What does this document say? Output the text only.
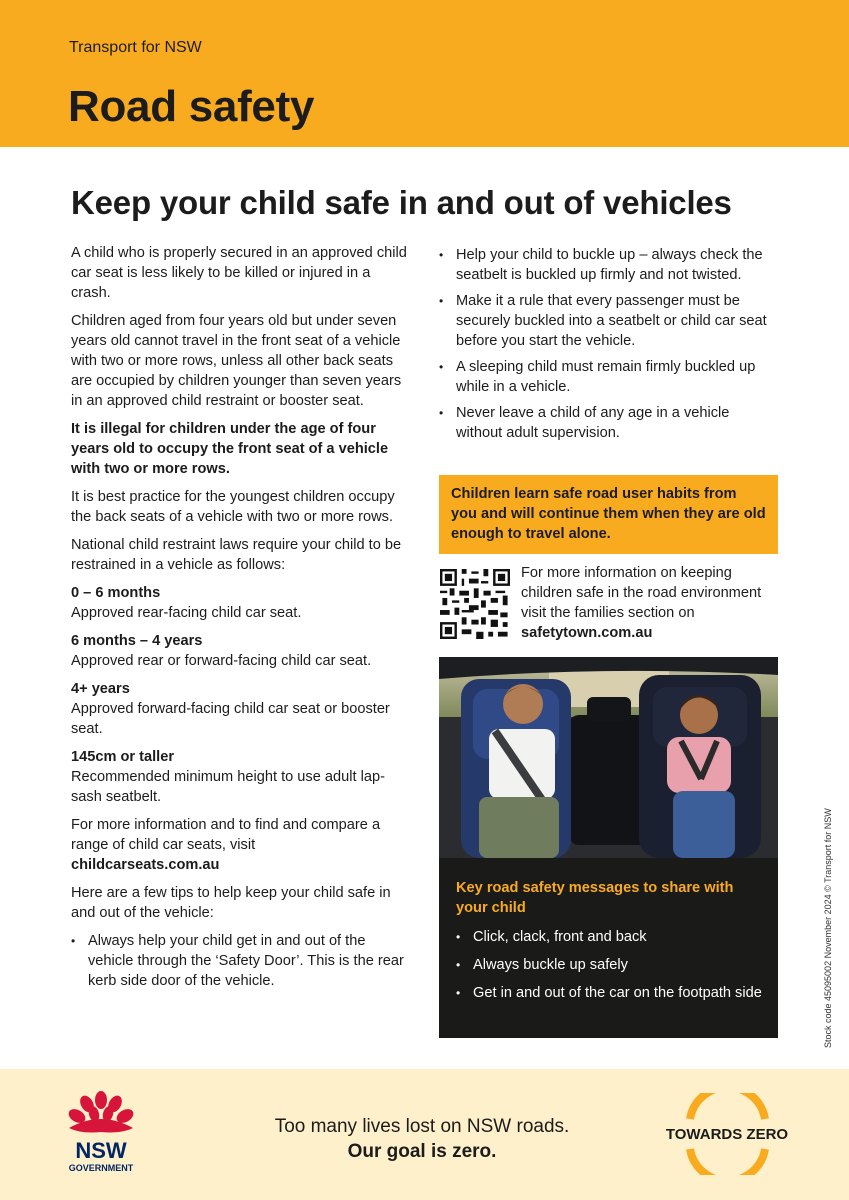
Transport for NSW
Road safety
Keep your child safe in and out of vehicles

A child who is properly secured in an approved child car seat is less likely to be killed or injured in a crash.

Children aged from four years old but under seven years old cannot travel in the front seat of a vehicle with two or more rows, unless all other back seats are occupied by children younger than seven years in an approved child restraint or booster seat.

It is illegal for children under the age of four years old to occupy the front seat of a vehicle with two or more rows.

It is best practice for the youngest children occupy the back seats of a vehicle with two or more rows.

National child restraint laws require your child to be restrained in a vehicle as follows:

0 – 6 months
Approved rear-facing child car seat.
6 months – 4 years
Approved rear or forward-facing child car seat.
4+ years
Approved forward-facing child car seat or booster seat.
145cm or taller
Recommended minimum height to use adult lap-sash seatbelt.

For more information and to find and compare a range of child car seats, visit
childcarseats.com.au

Here are a few tips to help keep your child safe in and out of the vehicle:

• Always help your child get in and out of the vehicle through the ‘Safety Door’. This is the rear kerb side door of the vehicle.
• Help your child to buckle up – always check the seatbelt is buckled up firmly and not twisted.
• Make it a rule that every passenger must be securely buckled into a seatbelt or child car seat before you start the vehicle.
• A sleeping child must remain firmly buckled up while in a vehicle.
• Never leave a child of any age in a vehicle without adult supervision.
Children learn safe road user habits from you and will continue them when they are old enough to travel alone.
For more information on keeping children safe in the road environment visit the families section on safetytown.com.au

Key road safety messages to share with your child

• Click, clack, front and back
• Always buckle up safely
• Get in and out of the car on the footpath side	Stock code 45095002 November 2024 © Transport for NSW
NSW
GOVERNMENT
Too many lives lost on NSW roads.
Our goal is zero.
TOWARDS ZERO
